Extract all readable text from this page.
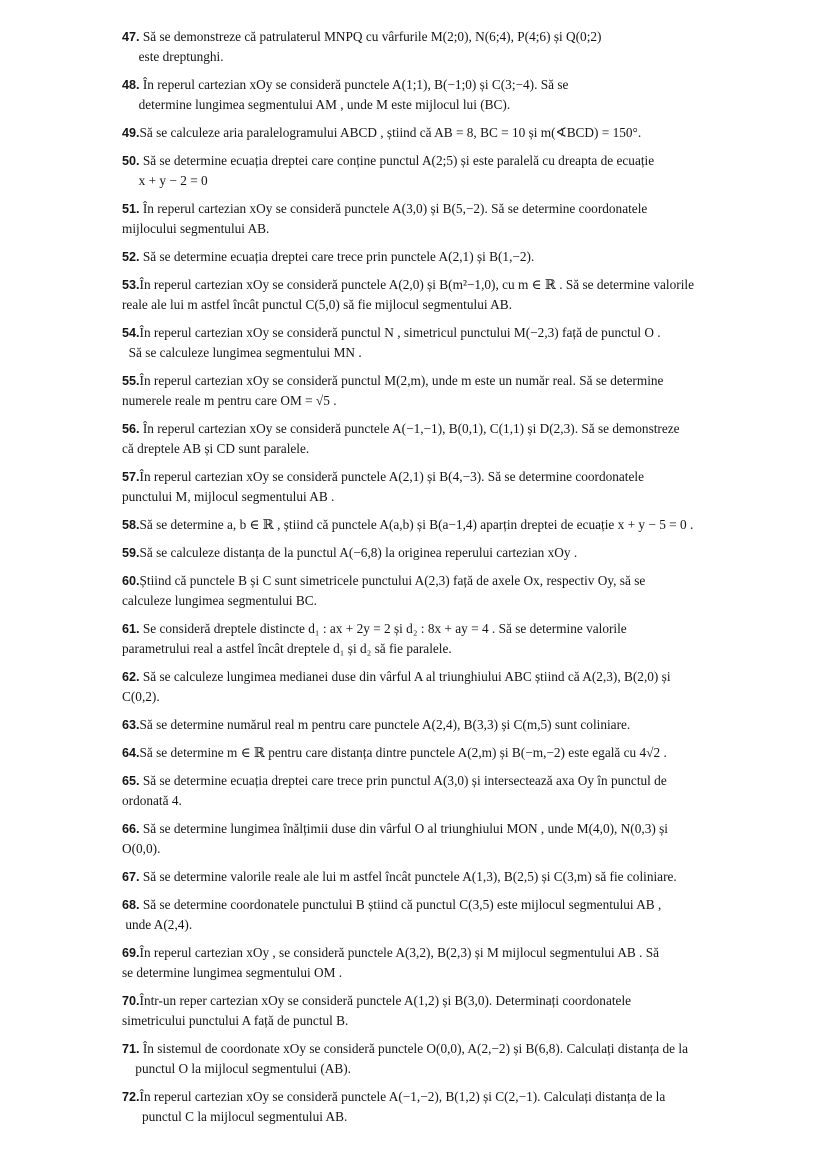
47. Să se demonstreze că patrulaterul MNPQ cu vârfurile M(2;0), N(6;4), P(4;6) și Q(0;2)
este dreptunghi.
48. În reperul cartezian xOy se consideră punctele A(1;1), B(−1;0) și C(3;−4). Să se
determine lungimea segmentului AM , unde M este mijlocul lui (BC).
49.Să se calculeze aria paralelogramului ABCD , știind că AB = 8, BC = 10 și m(∢BCD) = 150°.
50. Să se determine ecuația dreptei care conține punctul A(2;5) și este paralelă cu dreapta de ecuație
x + y − 2 = 0
51. În reperul cartezian xOy se consideră punctele A(3,0) și B(5,−2). Să se determine coordonatele
mijlocului segmentului AB.
52. Să se determine ecuația dreptei care trece prin punctele A(2,1) și B(1,−2).
53.În reperul cartezian xOy se consideră punctele A(2,0) și B(m²−1,0), cu m ∈ ℝ . Să se determine valorile
reale ale lui m astfel încât punctul C(5,0) să fie mijlocul segmentului AB.
54.În reperul cartezian xOy se consideră punctul N , simetricul punctului M(−2,3) față de punctul O .
Să se calculeze lungimea segmentului MN .
55.În reperul cartezian xOy se consideră punctul M(2,m), unde m este un număr real. Să se determine
numerele reale m pentru care OM = √5 .
56. În reperul cartezian xOy se consideră punctele A(−1,−1), B(0,1), C(1,1) și D(2,3). Să se demonstreze
că dreptele AB și CD sunt paralele.
57.În reperul cartezian xOy se consideră punctele A(2,1) și B(4,−3). Să se determine coordonatele
punctului M, mijlocul segmentului AB .
58.Să se determine a, b ∈ ℝ , știind că punctele A(a,b) și B(a−1,4) aparțin dreptei de ecuație x + y − 5 = 0 .
59.Să se calculeze distanța de la punctul A(−6,8) la originea reperului cartezian xOy .
60.Știind că punctele B și C sunt simetricele punctului A(2,3) față de axele Ox, respectiv Oy, să se
calculeze lungimea segmentului BC.
61. Se consideră dreptele distincte d₁ : ax + 2y = 2 și d₂ : 8x + ay = 4 . Să se determine valorile
parametrului real a astfel încât dreptele d₁ și d₂ să fie paralele.
62. Să se calculeze lungimea medianei duse din vârful A al triunghiului ABC știind că A(2,3), B(2,0) și
C(0,2).
63.Să se determine numărul real m pentru care punctele A(2,4), B(3,3) și C(m,5) sunt coliniare.
64.Să se determine m ∈ ℝ pentru care distanța dintre punctele A(2,m) și B(−m,−2) este egală cu 4√2 .
65. Să se determine ecuația dreptei care trece prin punctul A(3,0) și intersectează axa Oy în punctul de
ordonată 4.
66. Să se determine lungimea înălțimii duse din vârful O al triunghiului MON , unde M(4,0), N(0,3) și
O(0,0).
67. Să se determine valorile reale ale lui m astfel încât punctele A(1,3), B(2,5) și C(3,m) să fie coliniare.
68. Să se determine coordonatele punctului B știind că punctul C(3,5) este mijlocul segmentului AB ,
unde A(2,4).
69.În reperul cartezian xOy , se consideră punctele A(3,2), B(2,3) și M mijlocul segmentului AB . Să
se determine lungimea segmentului OM .
70.Într-un reper cartezian xOy se consideră punctele A(1,2) și B(3,0). Determinați coordonatele
simetricului punctului A față de punctul B.
71. În sistemul de coordonate xOy se consideră punctele O(0,0), A(2,−2) și B(6,8). Calculați distanța de la
punctul O la mijlocul segmentului (AB).
72.În reperul cartezian xOy se consideră punctele A(−1,−2), B(1,2) și C(2,−1). Calculați distanța de la
punctul C la mijlocul segmentului AB.
